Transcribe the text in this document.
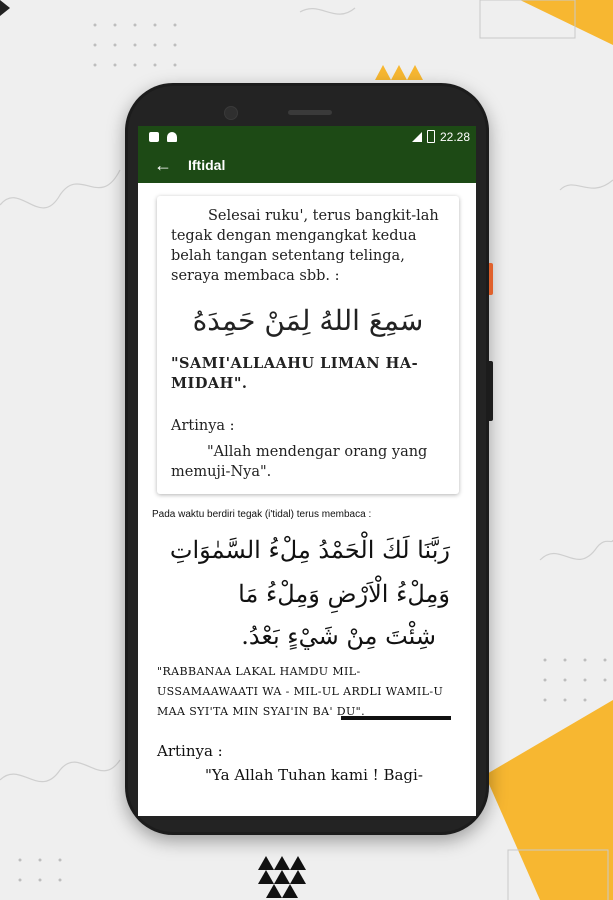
22.28
←	Iftidal
Selesai ruku', terus bangkit-lah tegak dengan mengangkat kedua belah tangan setentang telinga, seraya membaca sbb. :
سَمِعَ اللهُ لِمَنْ حَمِدَهُ
"SAMI'ALLAAHU LIMAN HA-MIDAH".
Artinya :
"Allah mendengar orang yang memuji-Nya".
Pada waktu berdiri tegak (i'tidal) terus membaca :
رَبَّنَا لَكَ الْحَمْدُ مِلْءُ السَّمٰوَاتِ وَمِلْءُ الْاَرْضِ وَمِلْءُ مَا
شِئْتَ مِنْ شَيْءٍ بَعْدُ.
"RABBANAA LAKAL HAMDU MIL- USSAMAAWAATI WA - MIL-UL ARDLI WAMIL-U MAA SYI'TA MIN SYAI'IN BA' DU".
Artinya :
"Ya Allah Tuhan kami ! Bagi-
